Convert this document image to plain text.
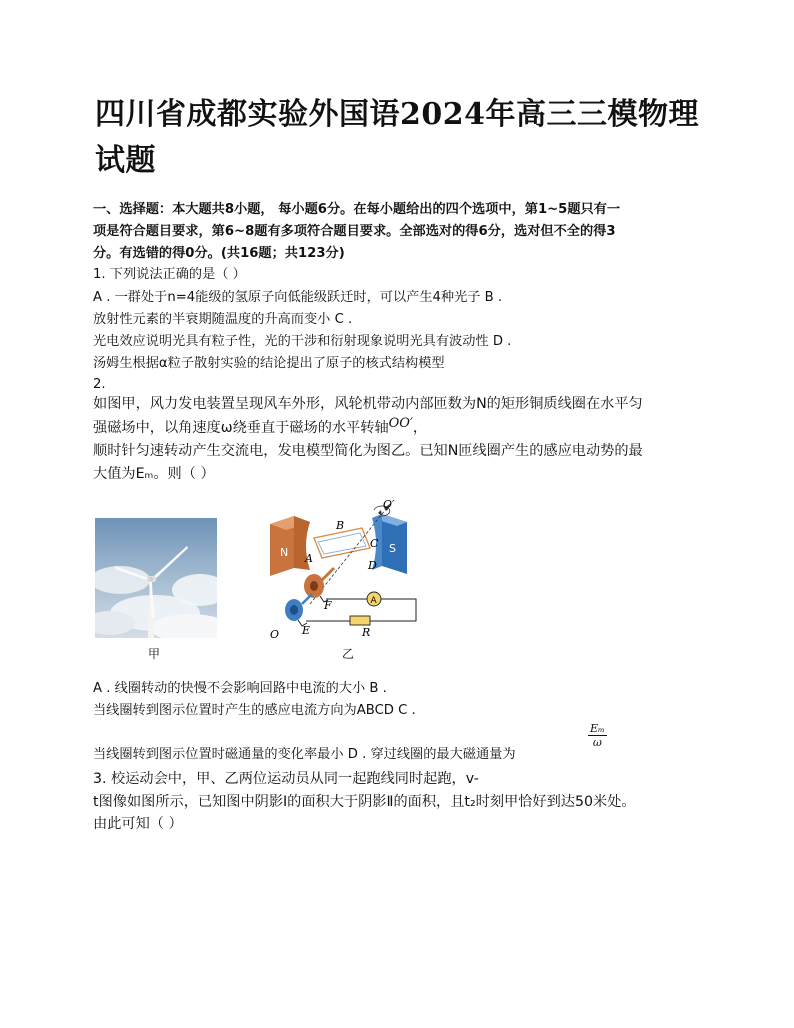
四川省成都实验外国语2024年高三三模物理
试题
一、选择题：本大题共8小题， 每小题6分。在每小题给出的四个选项中，第1~5题只有一
项是符合题目要求，第6~8题有多项符合题目要求。全部选对的得6分，选对但不全的得3
分。有选错的得0分。(共16题；共123分)
1. 下列说法正确的是（ ）
A . 一群处于n=4能级的氢原子向低能级跃迁时，可以产生4种光子 B .
放射性元素的半衰期随温度的升高而变小 C .
光电效应说明光具有粒子性，光的干涉和衍射现象说明光具有波动性 D .
汤姆生根据α粒子散射实验的结论提出了原子的核式结构模型
2.
如图甲，风力发电装置呈现风车外形，风轮机带动内部匝数为N的矩形铜质线圈在水平匀
强磁场中，以角速度ω绕垂直于磁场的水平转轴OO′，
顺时针匀速转动产生交流电，发电模型简化为图乙。已知N匝线圈产生的感应电动势的最
大值为Eₘ。则（ ）
甲
N	S
A
B
C
A
D
F
E
O
O′
R
乙
A . 线圈转动的快慢不会影响回路中电流的大小 B .
当线圈转到图示位置时产生的感应电流方向为ABCD C .
当线圈转到图示位置时磁通量的变化率最小 D . 穿过线圈的最大磁通量为
$\frac{\text{Eₘ}}{\omega}$
3. 校运动会中，甲、乙两位运动员从同一起跑线同时起跑，v-
t图像如图所示，已知图中阴影Ⅰ的面积大于阴影Ⅱ的面积，且t₂时刻甲恰好到达50米处。
由此可知（ ）
